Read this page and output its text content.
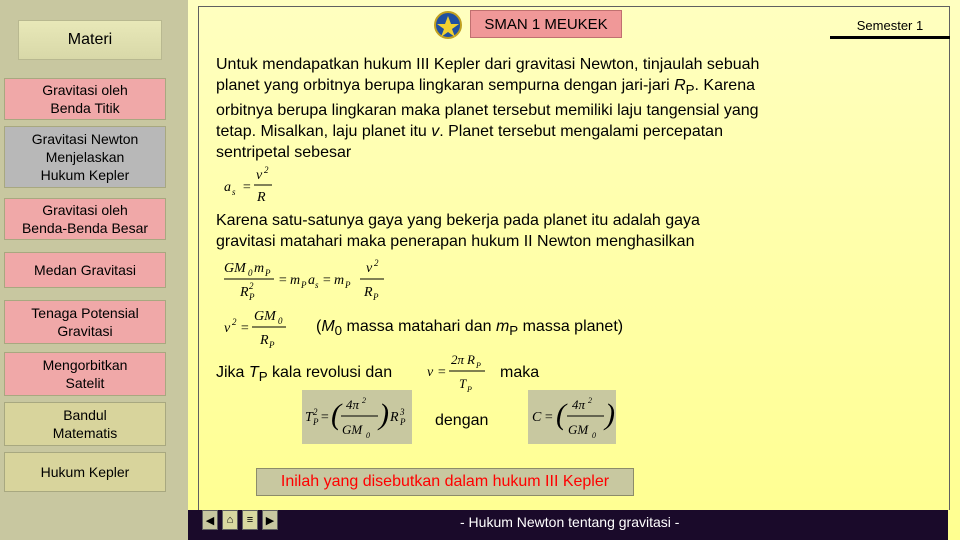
Materi
Gravitasi oleh
Benda Titik
Gravitasi Newton
Menjelaskan
Hukum Kepler
Gravitasi oleh
Benda-Benda Besar
Medan Gravitasi
Tenaga Potensial
Gravitasi
Mengorbitkan
Satelit
Bandul
Matematis
Hukum Kepler
SMAN 1 MEUKEK	Semester 1
Untuk mendapatkan hukum III Kepler dari gravitasi Newton, tinjaulah sebuah planet yang orbitnya berupa lingkaran sempurna dengan jari-jari $R_P$. Karena orbitnya berupa lingkaran maka planet tersebut memiliki laju tangensial yang tetap. Misalkan, laju planet itu v. Planet tersebut mengalami percepatan sentripetal sebesar
a s =
v 2
R
Karena satu-satunya gaya yang bekerja pada planet itu adalah gaya gravitasi matahari maka penerapan hukum II Newton menghasilkan
GM 0 m P
R P
2 = m P a s = m P
v 2
R P
v 2 =
GM 0
R P
($M_0$ massa matahari dan $m_P$ massa planet)
Jika $T_P$ kala revolusi dan v =
2π R P
T P
maka
T 2
P = ( 4π 2
GM 0
) R 3
P dengan	C = ( 4π 2
GM 0
)
Inilah yang disebutkan dalam hukum III Kepler
- Hukum Newton tentang gravitasi -
◀	⌂	≡	▶
